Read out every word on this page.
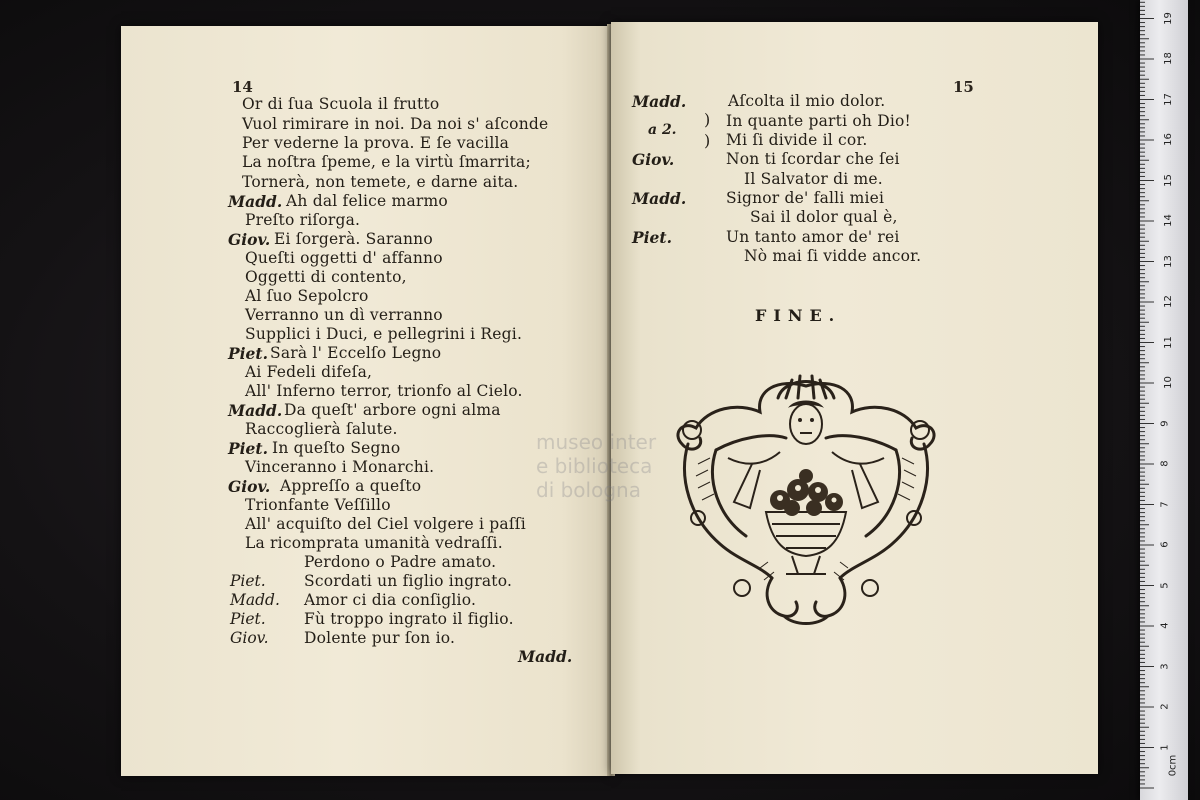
museo inter
e biblioteca
di bologna
14
Or di ſua Scuola il frutto
Vuol rimirare in noi. Da noi s' aſconde
Per vederne la prova. E ſe vacilla
La noſtra ſpeme, e la virtù ſmarrita;
Tornerà, non temete, e darne aita.
Madd. Ah dal felice marmo
Preſto riſorga.
Giov. Ei ſorgerà. Saranno
Queſti oggetti d' affanno
Oggetti di contento,
Al ſuo Sepolcro
Verranno un dì verranno
Supplici i Duci, e pellegrini i Regi.
Piet. Sarà l' Eccelſo Legno
Ai Fedeli difeſa,
All' Inferno terror, trionfo al Cielo.
Madd. Da queſt' arbore ogni alma
Raccoglierà ſalute.
Piet. In queſto Segno
Vinceranno i Monarchi.
Giov. Appreſſo a queſto
Trionfante Veſſillo
All' acquiſto del Ciel volgere i paſſi
La ricomprata umanità vedraſſi.
Perdono o Padre amato.
Piet. Scordati un figlio ingrato.
Madd. Amor ci dia conſiglio.
Piet. Fù troppo ingrato il figlio.
Giov. Dolente pur ſon io.
Madd.
15
Madd.	Aſcolta il mio dolor.
In quante parti oh Dio!
)
a 2.
) Mi ſi divide il cor.
Giov.	Non ti ſcordar che ſei
Il Salvator di me.
Madd.	Signor de' falli miei
Sai il dolor qual è,
Piet.	Un tanto amor de' rei
Nò mai ſi vidde ancor.
FINE.
0cm
1
2
3
4
5
6
7
8
9
10
11
12
13
14
15
16
17
18
19
